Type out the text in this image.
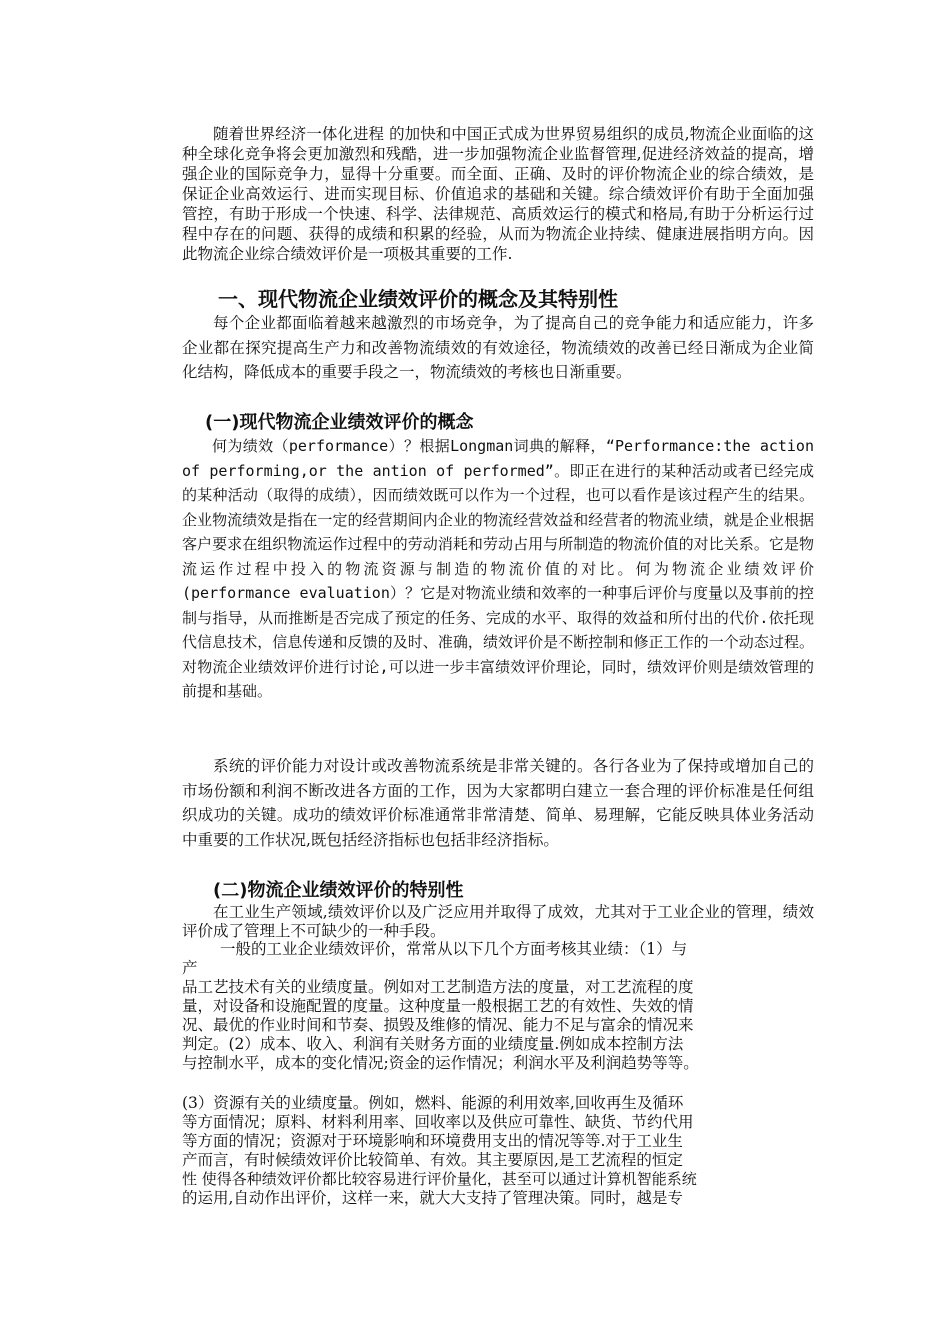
随着世界经济一体化进程 的加快和中国正式成为世界贸易组织的成员,物流企业面临的这种全球化竞争将会更加激烈和残酷，进一步加强物流企业监督管理,促进经济效益的提高，增强企业的国际竞争力，显得十分重要。而全面、正确、及时的评价物流企业的综合绩效，是保证企业高效运行、进而实现目标、价值追求的基础和关键。综合绩效评价有助于全面加强管控，有助于形成一个快速、科学、法律规范、高质效运行的模式和格局,有助于分析运行过程中存在的问题、获得的成绩和积累的经验，从而为物流企业持续、健康进展指明方向。因此物流企业综合绩效评价是一项极其重要的工作.

一、现代物流企业绩效评价的概念及其特别性

每个企业都面临着越来越激烈的市场竞争，为了提高自己的竞争能力和适应能力，许多企业都在探究提高生产力和改善物流绩效的有效途径，物流绩效的改善已经日渐成为企业简化结构，降低成本的重要手段之一，物流绩效的考核也日渐重要。

(一)现代物流企业绩效评价的概念

何为绩效（performance）？根据Longman词典的解释，“Performance:the action of performing,or the antion of performed”。即正在进行的某种活动或者已经完成的某种活动（取得的成绩），因而绩效既可以作为一个过程，也可以看作是该过程产生的结果。企业物流绩效是指在一定的经营期间内企业的物流经营效益和经营者的物流业绩，就是企业根据客户要求在组织物流运作过程中的劳动消耗和劳动占用与所制造的物流价值的对比关系。它是物流运作过程中投入的物流资源与制造的物流价值的对比。何为物流企业绩效评价(performance evaluation）？它是对物流业绩和效率的一种事后评价与度量以及事前的控制与指导，从而推断是否完成了预定的任务、完成的水平、取得的效益和所付出的代价.依托现代信息技术，信息传递和反馈的及时、准确，绩效评价是不断控制和修正工作的一个动态过程。对物流企业绩效评价进行讨论,可以进一步丰富绩效评价理论，同时，绩效评价则是绩效管理的前提和基础。

系统的评价能力对设计或改善物流系统是非常关键的。各行各业为了保持或增加自己的市场份额和利润不断改进各方面的工作，因为大家都明白建立一套合理的评价标准是任何组织成功的关键。成功的绩效评价标准通常非常清楚、简单、易理解，它能反映具体业务活动中重要的工作状况,既包括经济指标也包括非经济指标。

(二)物流企业绩效评价的特别性

在工业生产领域,绩效评价以及广泛应用并取得了成效，尤其对于工业企业的管理，绩效评价成了管理上不可缺少的一种手段。

一般的工业企业绩效评价，常常从以下几个方面考核其业绩：（1）与
产
品工艺技术有关的业绩度量。例如对工艺制造方法的度量，对工艺流程的度
量，对设备和设施配置的度量。这种度量一般根据工艺的有效性、失效的情
况、最优的作业时间和节奏、损毁及维修的情况、能力不足与富余的情况来
判定。(2）成本、收入、利润有关财务方面的业绩度量.例如成本控制方法
与控制水平，成本的变化情况;资金的运作情况；利润水平及利润趋势等等。
(3）资源有关的业绩度量。例如，燃料、能源的利用效率,回收再生及循环
等方面情况；原料、材料利用率、回收率以及供应可靠性、缺货、节约代用
等方面的情况；资源对于环境影响和环境费用支出的情况等等.对于工业生
产而言，有时候绩效评价比较简单、有效。其主要原因,是工艺流程的恒定
性 使得各种绩效评价都比较容易进行评价量化，甚至可以通过计算机智能系统
的运用,自动作出评价，这样一来，就大大支持了管理决策。同时，越是专
